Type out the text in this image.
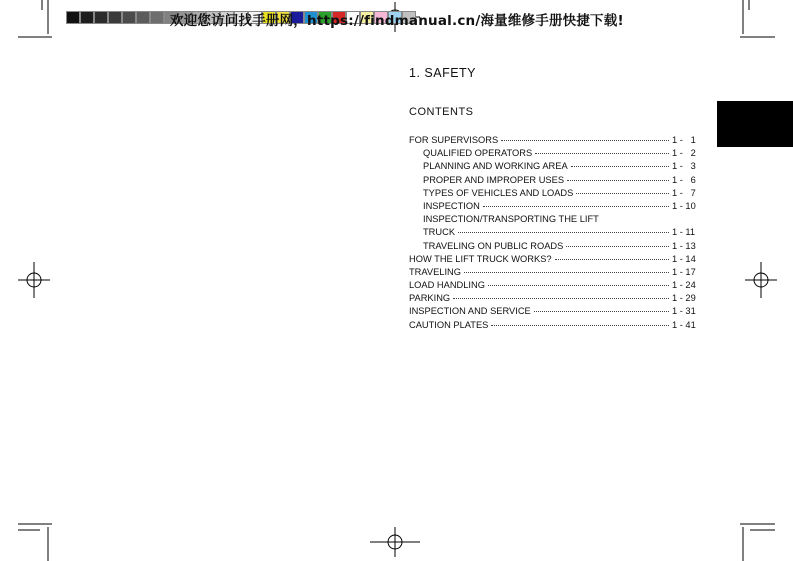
欢迎您访问找手册网，https://findmanual.cn/海量维修手册快捷下载!
1. SAFETY
CONTENTS
FOR SUPERVISORS	1 -   1
QUALIFIED OPERATORS	1 -   2
PLANNING AND WORKING AREA	1 -   3
PROPER AND IMPROPER USES	1 -   6
TYPES OF VEHICLES AND LOADS	1 -   7
INSPECTION	1 - 10
INSPECTION/TRANSPORTING THE LIFT
TRUCK	1 - 11
TRAVELING ON PUBLIC ROADS	1 - 13
HOW THE LIFT TRUCK WORKS?	1 - 14
TRAVELING	1 - 17
LOAD HANDLING	1 - 24
PARKING	1 - 29
INSPECTION AND SERVICE	1 - 31
CAUTION PLATES	1 - 41
